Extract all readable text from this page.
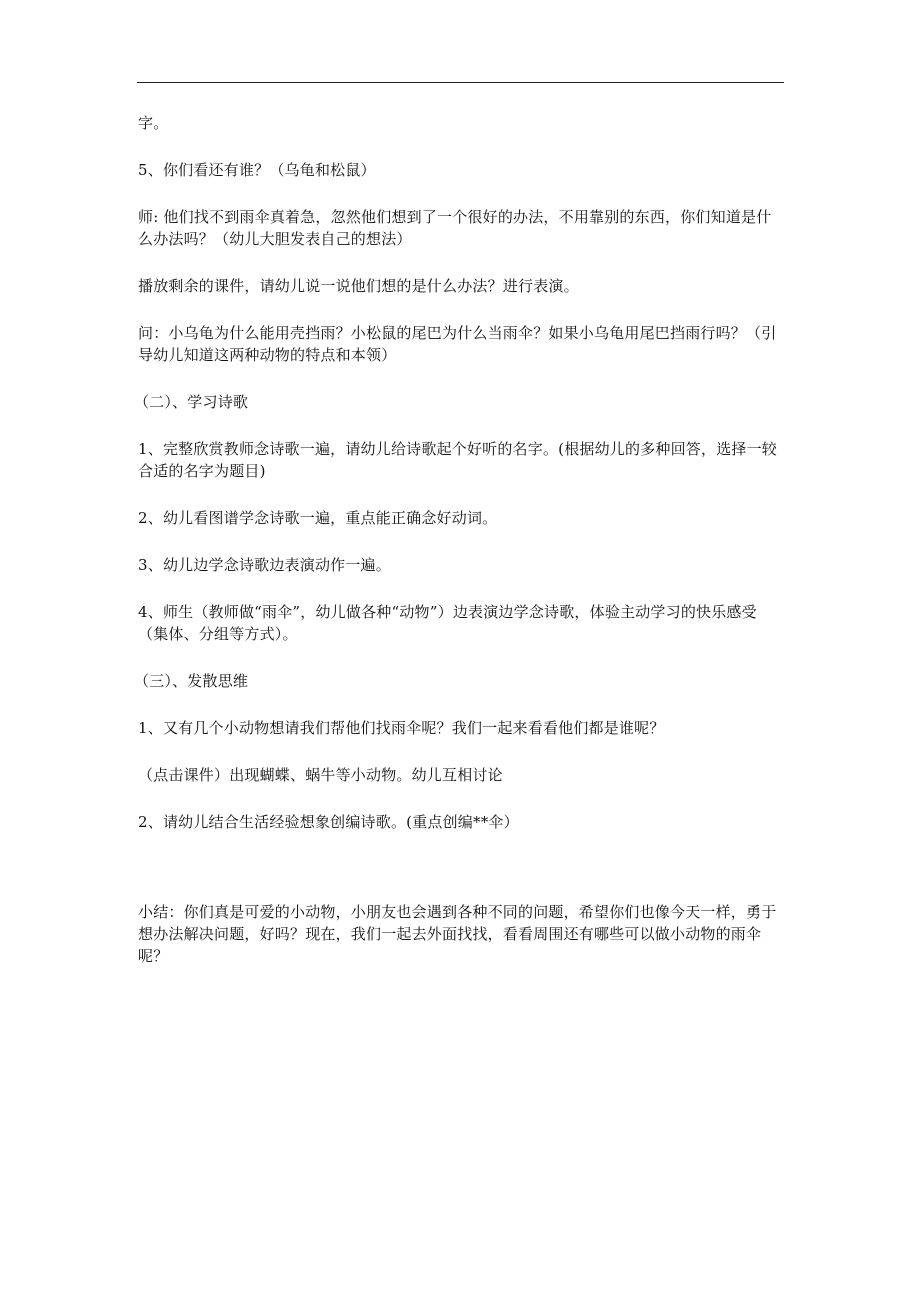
字。

5、你们看还有谁？（乌龟和松鼠）

师: 他们找不到雨伞真着急，忽然他们想到了一个很好的办法，不用靠别的东西，你们知道是什么办法吗？（幼儿大胆发表自己的想法）

播放剩余的课件，请幼儿说一说他们想的是什么办法？进行表演。

问：小乌龟为什么能用壳挡雨？小松鼠的尾巴为什么当雨伞？如果小乌龟用尾巴挡雨行吗？（引导幼儿知道这两种动物的特点和本领）

（二）、学习诗歌

1、完整欣赏教师念诗歌一遍，请幼儿给诗歌起个好听的名字。(根据幼儿的多种回答，选择一较合适的名字为题目)

2、幼儿看图谱学念诗歌一遍，重点能正确念好动词。

3、幼儿边学念诗歌边表演动作一遍。

4、师生（教师做“雨伞”，幼儿做各种“动物”）边表演边学念诗歌，体验主动学习的快乐感受（集体、分组等方式）。

（三）、发散思维

1、又有几个小动物想请我们帮他们找雨伞呢？我们一起来看看他们都是谁呢？

（点击课件）出现蝴蝶、蜗牛等小动物。幼儿互相讨论

2、请幼儿结合生活经验想象创编诗歌。(重点创编**伞）

小结：你们真是可爱的小动物，小朋友也会遇到各种不同的问题，希望你们也像今天一样，勇于想办法解决问题，好吗？现在，我们一起去外面找找，看看周围还有哪些可以做小动物的雨伞呢？
